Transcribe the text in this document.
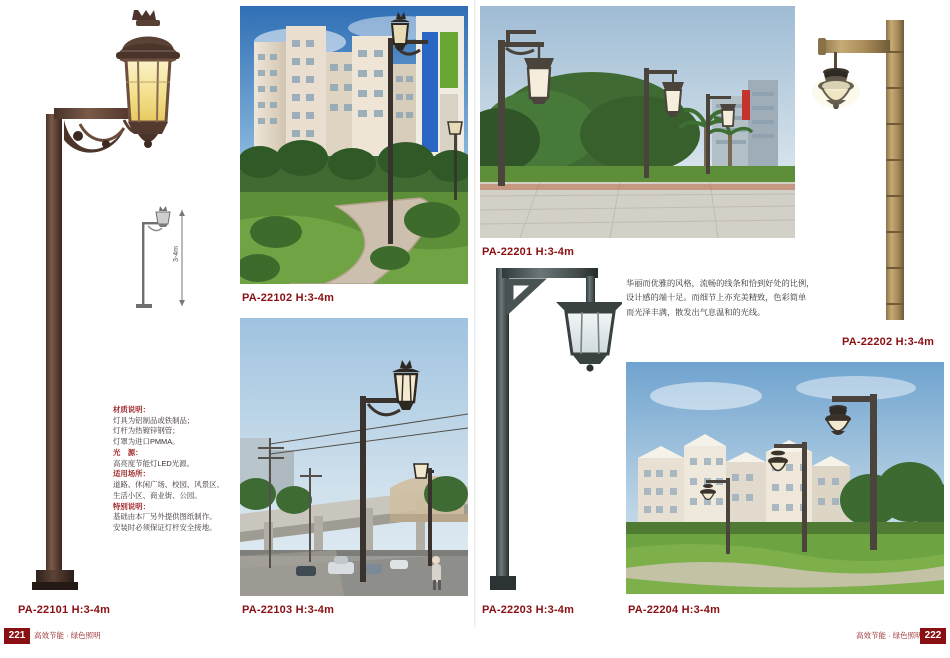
3-4m

材质说明：

灯具为铝制品或铁制品；

灯杆为热镀锌钢管；

灯罩为进口PMMA。

光　源：

高亮度节能灯LED光源。

适用场所：

道路、休闲广场、校园、风景区、

生活小区、商业街、公园。

特别说明：

基础由本厂另外提供图纸制作。

安装时必须保证灯杆安全接地。

PA-22101 H:3-4m
PA-22102 H:3-4m
PA-22103 H:3-4m
PA-22201 H:3-4m
PA-22202 H:3-4m

华丽而优雅的风格，流畅的线条和恰到好处的比例，

设计感的端十足。而细节上亦充美精致，色彩简单

而光泽丰满，散发出气息温和的光线。

PA-22203 H:3-4m	PA-22204 H:3-4m
221	高效节能 · 绿色照明	222
高效节能 · 绿色照明
